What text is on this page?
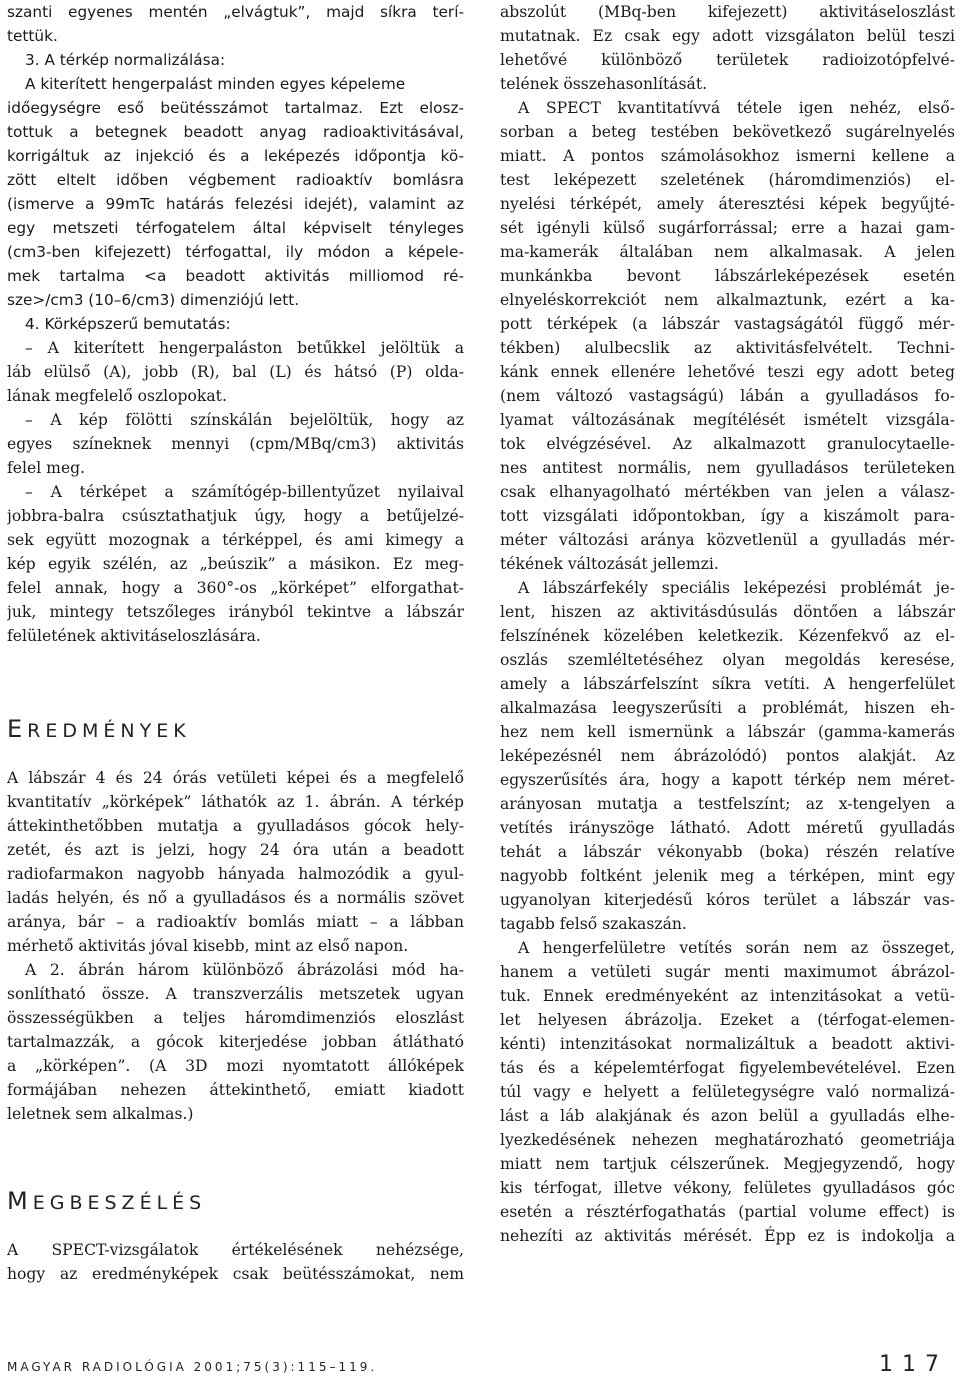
szanti egyenes mentén „elvágtuk”, majd síkra terí-
tettük.
3. A térkép normalizálása:
A kiterített hengerpalást minden egyes képeleme
időegységre eső beütésszámot tartalmaz. Ezt elosz-
tottuk a betegnek beadott anyag radioaktivitásával,
korrigáltuk az injekció és a leképezés időpontja kö-
zött eltelt időben végbement radioaktív bomlásra
(ismerve a 99mTc határás felezési idejét), valamint az
egy metszeti térfogatelem által képviselt tényleges
(cm3-ben kifejezett) térfogattal, ily módon a képele-
mek tartalma <a beadott aktivitás milliomod ré-
sze>/cm3 (10–6/cm3) dimenziójú lett.
4. Körképszerű bemutatás:
– A kiterített hengerpaláston betűkkel jelöltük a
láb elülső (A), jobb (R), bal (L) és hátsó (P) olda-
lának megfelelő oszlopokat.
– A kép fölötti színskálán bejelöltük, hogy az
egyes színeknek mennyi (cpm/MBq/cm3) aktivitás
felel meg.
– A térképet a számítógép-billentyűzet nyilaival
jobbra-balra csúsztathatjuk úgy, hogy a betűjelzé-
sek együtt mozognak a térképpel, és ami kimegy a
kép egyik szélén, az „beúszik” a másikon. Ez meg-
felel annak, hogy a 360°-os „körképet” elforgathat-
juk, mintegy tetszőleges irányból tekintve a lábszár
felületének aktivitáseloszlására.
EREDMÉNYEK
A lábszár 4 és 24 órás vetületi képei és a megfelelő
kvantitatív „körképek” láthatók az 1. ábrán. A térkép
áttekinthetőbben mutatja a gyulladásos gócok hely-
zetét, és azt is jelzi, hogy 24 óra után a beadott
radiofarmakon nagyobb hányada halmozódik a gyul-
ladás helyén, és nő a gyulladásos és a normális szövet
aránya, bár – a radioaktív bomlás miatt – a lábban
mérhető aktivitás jóval kisebb, mint az első napon.
A 2. ábrán három különböző ábrázolási mód ha-
sonlítható össze. A transzverzális metszetek ugyan
összességükben a teljes háromdimenziós eloszlást
tartalmazzák, a gócok kiterjedése jobban átlátható
a „körképen”. (A 3D mozi nyomtatott állóképek
formájában nehezen áttekinthető, emiatt kiadott
leletnek sem alkalmas.)
MEGBESZÉLÉS
A SPECT-vizsgálatok értékelésének nehézsége,
hogy az eredményképek csak beütésszámokat, nem
abszolút (MBq-ben kifejezett) aktivitáseloszlást
mutatnak. Ez csak egy adott vizsgálaton belül teszi
lehetővé különböző területek radioizotópfelvé-
telének összehasonlítását.
A SPECT kvantitatívvá tétele igen nehéz, első-
sorban a beteg testében bekövetkező sugárelnyelés
miatt. A pontos számolásokhoz ismerni kellene a
test leképezett szeletének (háromdimenziós) el-
nyelési térképét, amely áteresztési képek begyűjté-
sét igényli külső sugárforrással; erre a hazai gam-
ma-kamerák általában nem alkalmasak. A jelen
munkánkba bevont lábszárleképezések esetén
elnyeléskorrekciót nem alkalmaztunk, ezért a ka-
pott térképek (a lábszár vastagságától függő mér-
tékben) alulbecslik az aktivitásfelvételt. Techni-
kánk ennek ellenére lehetővé teszi egy adott beteg
(nem változó vastagságú) lábán a gyulladásos fo-
lyamat változásának megítélését ismételt vizsgála-
tok elvégzésével. Az alkalmazott granulocytaelle-
nes antitest normális, nem gyulladásos területeken
csak elhanyagolható mértékben van jelen a válasz-
tott vizsgálati időpontokban, így a kiszámolt para-
méter változási aránya közvetlenül a gyulladás mér-
tékének változását jellemzi.
A lábszárfekély speciális leképezési problémát je-
lent, hiszen az aktivitásdúsulás döntően a lábszár
felszínének közelében keletkezik. Kézenfekvő az el-
oszlás szemléltetéséhez olyan megoldás keresése,
amely a lábszárfelszínt síkra vetíti. A hengerfelület
alkalmazása leegyszerűsíti a problémát, hiszen eh-
hez nem kell ismernünk a lábszár (gamma-kamerás
leképezésnél nem ábrázolódó) pontos alakját. Az
egyszerűsítés ára, hogy a kapott térkép nem méret-
arányosan mutatja a testfelszínt; az x-tengelyen a
vetítés irányszöge látható. Adott méretű gyulladás
tehát a lábszár vékonyabb (boka) részén relatíve
nagyobb foltként jelenik meg a térképen, mint egy
ugyanolyan kiterjedésű kóros terület a lábszár vas-
tagabb felső szakaszán.
A hengerfelületre vetítés során nem az összeget,
hanem a vetületi sugár menti maximumot ábrázol-
tuk. Ennek eredményeként az intenzitásokat a vetü-
let helyesen ábrázolja. Ezeket a (térfogat-elemen-
kénti) intenzitásokat normalizáltuk a beadott aktivi-
tás és a képelemtérfogat figyelembevételével. Ezen
túl vagy e helyett a felületegységre való normalizá-
lást a láb alakjának és azon belül a gyulladás elhe-
lyezkedésének nehezen meghatározható geometriája
miatt nem tartjuk célszerűnek. Megjegyzendő, hogy
kis térfogat, illetve vékony, felületes gyulladásos góc
esetén a résztérfogathatás (partial volume effect) is
nehezíti az aktivitás mérését. Épp ez is indokolja a
MAGYAR RADIOLÓGIA 2001;75(3):115–119.	117
